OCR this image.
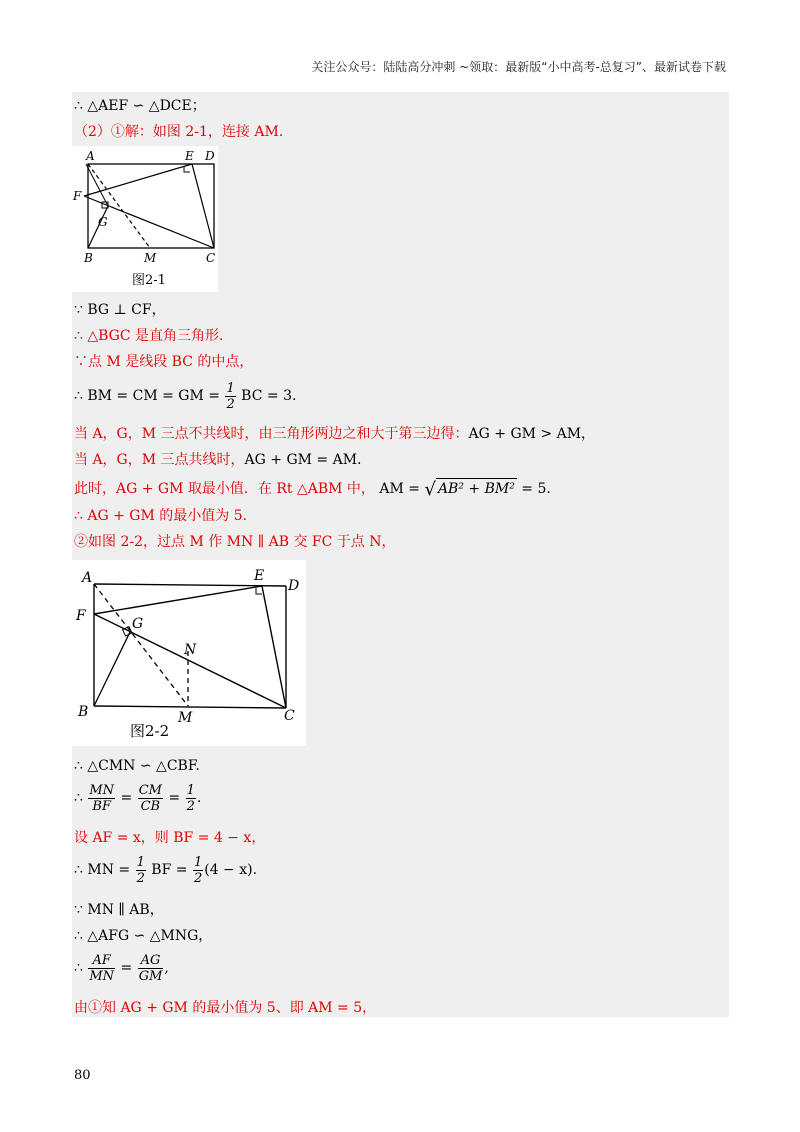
关注公众号：陆陆高分冲刺 ~领取：最新版“小中高考-总复习”、最新试卷下载
∴ △AEF ∽ △DCE；
（2）①解：如图 2-1，连接 AM.
A	E D
F
G
B	M	C
图2-1
∵ BG ⊥ CF，
∴ △BGC 是直角三角形.
∵点 M 是线段 BC 的中点，
∴ BM = CM = GM = $\frac{1}{2}$ BC = 3.
当 A，G，M 三点不共线时，由三角形两边之和大于第三边得：AG + GM > AM，
当 A，G，M 三点共线时，AG + GM = AM.
此时，AG + GM 取最小值．在 Rt △ABM 中， AM = √ AB² + BM² = 5.
∴ AG + GM 的最小值为 5.
②如图 2-2，过点 M 作 MN ∥ AB 交 FC 于点 N，
A	E
D
F	G
N
B	M	C
图2-2
∴ △CMN ∽ △CBF.
∴ $\frac{MN}{BF} = \frac{CM}{CB} = \frac{1}{2}$ .
设 AF = x，则 BF = 4 − x，
∴ MN = $\frac{1}{2}$ BF = $\frac{1}{2} (4 - x)$.
∵ MN ∥ AB，
∴ △AFG ∽ △MNG，
∴ $\frac{AF}{MN} = \frac{AG}{GM}$ ,
由①知 AG + GM 的最小值为 5、即 AM = 5，
80
